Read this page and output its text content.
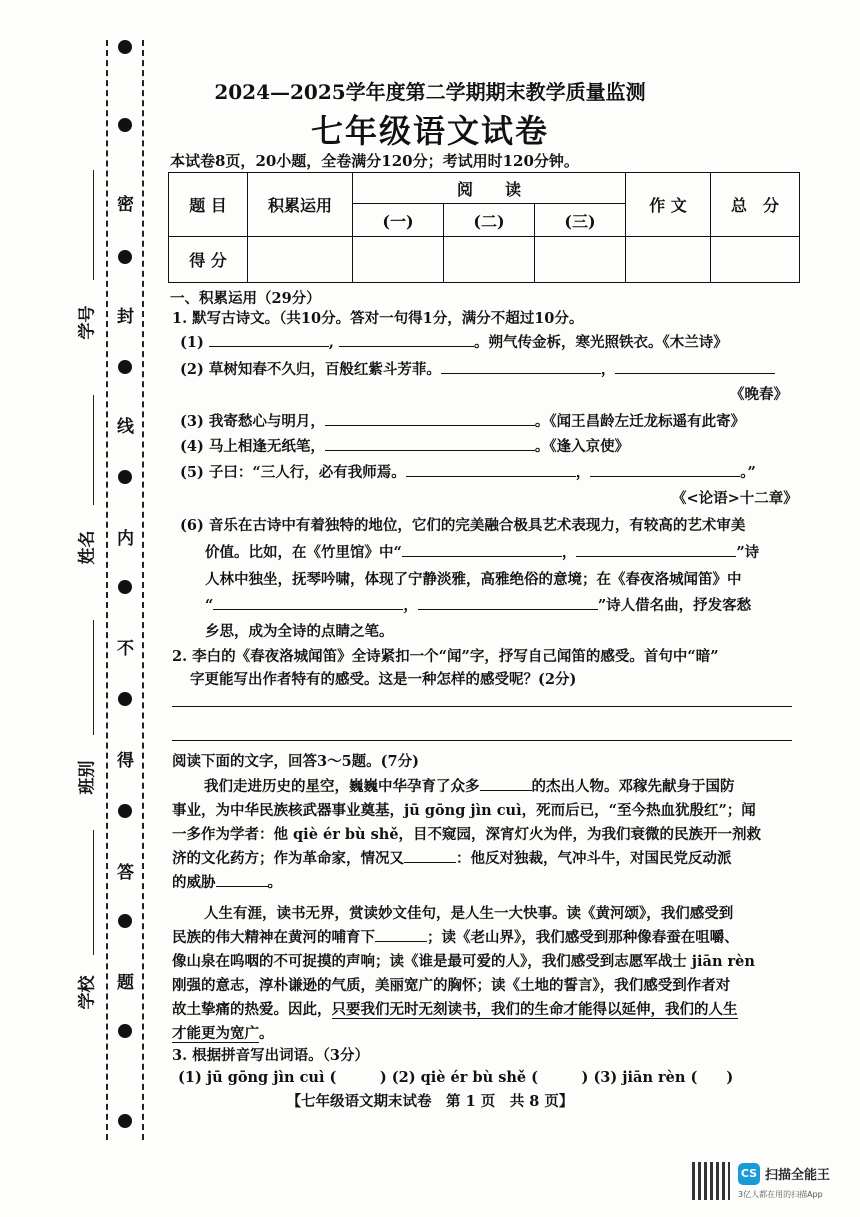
密
封
线
内
不
得
答
题
学号
姓名
班别
学校
2024—2025学年度第二学期期末教学质量监测
七年级语文试卷
本试卷8页，20小题，全卷满分120分；考试用时120分钟。
题 目	积累运用	阅　　读			作 文	总　分
		(一)	(二)	(三)		
得 分						
一、积累运用（29分）
1. 默写古诗文。（共10分。答对一句得1分，满分不超过10分。
(1)	,	。朔气传金柝，寒光照铁衣。《木兰诗》
(2) 草树知春不久归，百般红紫斗芳菲。	，
《晚春》
(3) 我寄愁心与明月，	。《闻王昌龄左迁龙标遥有此寄》
(4) 马上相逢无纸笔，	。《逢入京使》
(5) 子曰：“三人行，必有我师焉。	，	。”
《<论语>十二章》
(6) 音乐在古诗中有着独特的地位，它们的完美融合极具艺术表现力，有较高的艺术审美
价值。比如，在《竹里馆》中“	，	”诗
人林中独坐，抚琴吟啸，体现了宁静淡雅，高雅绝俗的意境；在《春夜洛城闻笛》中
“	，	”诗人借名曲，抒发客愁
乡思，成为全诗的点睛之笔。
2. 李白的《春夜洛城闻笛》全诗紧扣一个“闻”字，抒写自己闻笛的感受。首句中“暗”
字更能写出作者特有的感受。这是一种怎样的感受呢？(2分)
阅读下面的文字，回答3～5题。(7分)
我们走进历史的星空，巍巍中华孕育了众多	的杰出人物。邓稼先献身于国防
事业，为中华民族核武器事业奠基，jū gōng jìn cuì，死而后已，“至今热血犹殷红”；闻
一多作为学者：他 qiè ér bù shě，目不窥园，深宵灯火为伴，为我们衰微的民族开一剂救
济的文化药方；作为革命家，情况又	：他反对独裁，气冲斗牛，对国民党反动派
的威胁	。
人生有涯，读书无界，赏读妙文佳句，是人生一大快事。读《黄河颂》，我们感受到
民族的伟大精神在黄河的哺育下	；读《老山界》，我们感受到那种像春蚕在咀嚼、
像山泉在呜咽的不可捉摸的声响；读《谁是最可爱的人》，我们感受到志愿军战士 jiān rèn
刚强的意志，淳朴谦逊的气质，美丽宽广的胸怀；读《土地的誓言》，我们感受到作者对
故土挚痛的热爱。因此，只要我们无时无刻读书，我们的生命才能得以延伸，我们的人生
才能更为宽广。
3. 根据拼音写出词语。（3分）
(1) jū gōng jìn cuì (　　　) (2) qiè ér bù shě (　　　) (3) jiān rèn (　　)
【七年级语文期末试卷　第 1 页　共 8 页】
CS 扫描全能王
3亿人都在用的扫描App
